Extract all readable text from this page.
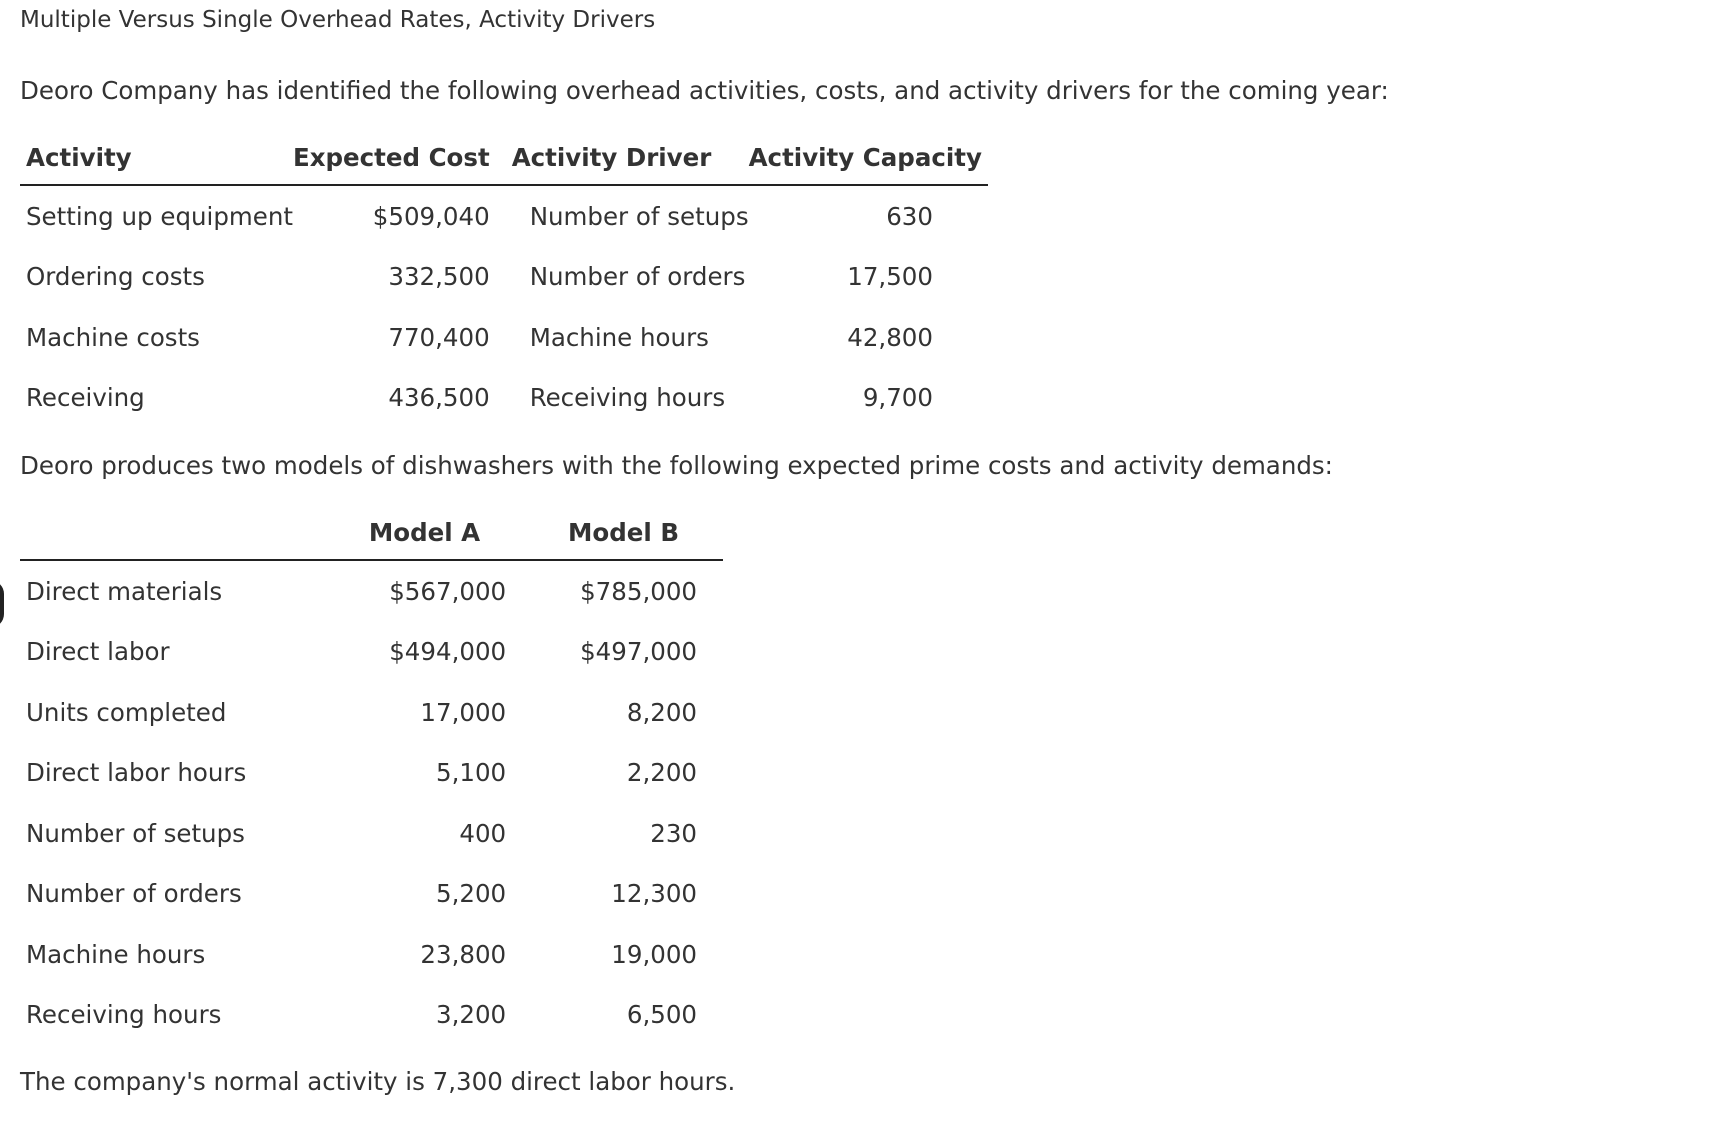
Multiple Versus Single Overhead Rates, Activity Drivers
Deoro Company has identified the following overhead activities, costs, and activity drivers for the coming year:
Activity	Expected Cost	Activity Driver	Activity Capacity
Setting up equipment	$509,040	Number of setups	630
Ordering costs	332,500	Number of orders	17,500
Machine costs	770,400	Machine hours	42,800
Receiving	436,500	Receiving hours	9,700
Deoro produces two models of dishwashers with the following expected prime costs and activity demands:
	Model A	Model B
Direct materials	$567,000	$785,000
Direct labor	$494,000	$497,000
Units completed	17,000	8,200
Direct labor hours	5,100	2,200
Number of setups	400	230
Number of orders	5,200	12,300
Machine hours	23,800	19,000
Receiving hours	3,200	6,500
The company's normal activity is 7,300 direct labor hours.
